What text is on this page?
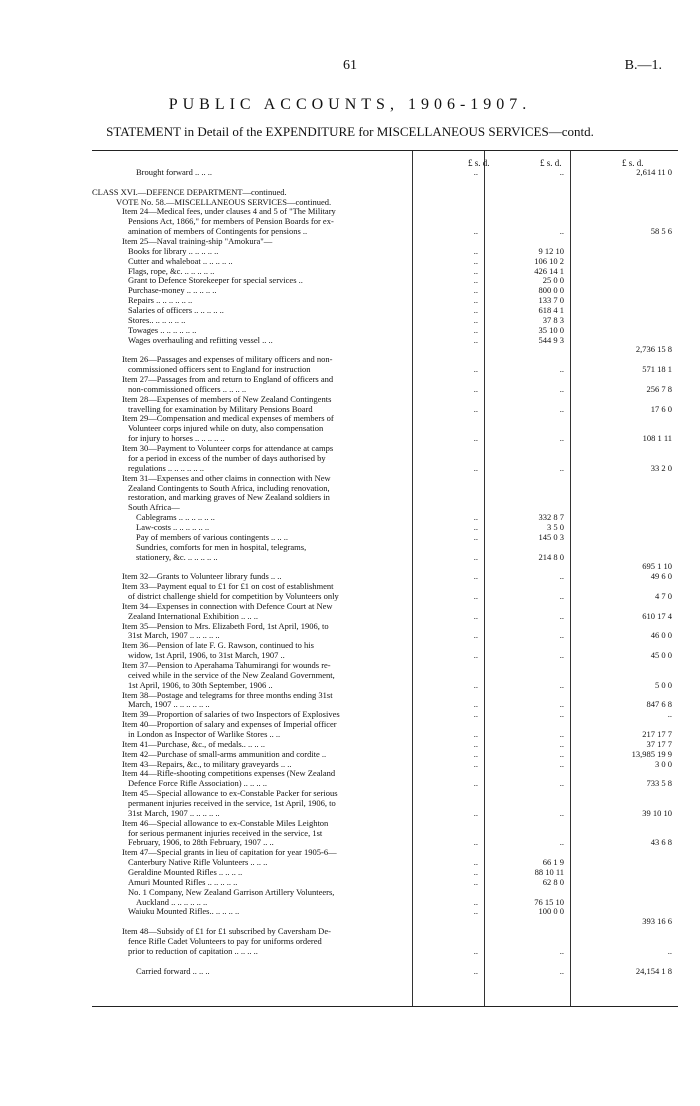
61	B.—1.
PUBLIC ACCOUNTS, 1906-1907.
STATEMENT in Detail of the EXPENDITURE for MISCELLANEOUS SERVICES—contd.
£ s. d.	£ s. d.	£ s. d.
Brought forward .. .. ..	..	..	2,614 11 0

CLASS XVI.—DEFENCE DEPARTMENT—continued.

VOTE No. 58.—MISCELLANEOUS SERVICES—continued.

Item 24—Medical fees, under clauses 4 and 5 of "The Military

Pensions Act, 1866," for members of Pension Boards for ex-

amination of members of Contingents for pensions ..	..	..	58 5 6
Item 25—Naval training-ship "Amokura"—

Books for library .. .. .. .. ..	..	9 12 10

Cutter and whaleboat .. .. .. .. ..	..	106 10 2

Flags, rope, &c. .. .. .. .. ..	..	426 14 1

Grant to Defence Storekeeper for special services ..	..	25 0 0

Purchase-money .. .. .. .. ..	..	800 0 0

Repairs .. .. .. .. .. ..	..	133 7 0

Salaries of officers .. .. .. .. ..	..	618 4 1

Stores.. .. .. .. .. ..	..	37 8 3

Towages .. .. .. .. .. ..	..	35 10 0

Wages overhauling and refitting vessel .. ..	..	544 9 3

2,736 15 8
Item 26—Passages and expenses of military officers and non-

commissioned officers sent to England for instruction	..	..	571 18 1
Item 27—Passages from and return to England of officers and

non-commissioned officers .. .. .. ..	..	..	256 7 8
Item 28—Expenses of members of New Zealand Contingents

travelling for examination by Military Pensions Board	..	..	17 6 0
Item 29—Compensation and medical expenses of members of

Volunteer corps injured while on duty, also compensation

for injury to horses .. .. .. .. ..	..	..	108 1 11
Item 30—Payment to Volunteer corps for attendance at camps

for a period in excess of the number of days authorised by

regulations .. .. .. .. .. ..	..	..	33 2 0
Item 31—Expenses and other claims in connection with New

Zealand Contingents to South Africa, including renovation,

restoration, and marking graves of New Zealand soldiers in

South Africa—

Cablegrams .. .. .. .. .. ..	..	332 8 7

Law-costs .. .. .. .. .. ..	..	3 5 0

Pay of members of various contingents .. .. ..	..	145 0 3

Sundries, comforts for men in hospital, telegrams,

stationery, &c. .. .. .. .. ..	..	214 8 0

695 1 10
Item 32—Grants to Volunteer library funds .. ..	..	..	49 6 0
Item 33—Payment equal to £1 for £1 on cost of establishment

of district challenge shield for competition by Volunteers only	..	..	4 7 0
Item 34—Expenses in connection with Defence Court at New

Zealand International Exhibition .. .. ..	..	..	610 17 4
Item 35—Pension to Mrs. Elizabeth Ford, 1st April, 1906, to

31st March, 1907 .. .. .. .. ..	..	..	46 0 0
Item 36—Pension of late F. G. Rawson, continued to his

widow, 1st April, 1906, to 31st March, 1907 ..	..	..	45 0 0
Item 37—Pension to Aperahama Tahumirangi for wounds re-

ceived while in the service of the New Zealand Government,

1st April, 1906, to 30th September, 1906 ..	..	..	5 0 0
Item 38—Postage and telegrams for three months ending 31st

March, 1907 .. .. .. .. .. ..	..	..	847 6 8
Item 39—Proportion of salaries of two Inspectors of Explosives	..	..	..
Item 40—Proportion of salary and expenses of Imperial officer

in London as Inspector of Warlike Stores .. ..	..	..	217 17 7
Item 41—Purchase, &c., of medals.. .. .. ..	..	..	37 17 7
Item 42—Purchase of small-arms ammunition and cordite ..	..	..	13,985 19 9
Item 43—Repairs, &c., to military graveyards .. ..	..	..	3 0 0
Item 44—Rifle-shooting competitions expenses (New Zealand

Defence Force Rifle Association) .. .. .. ..	..	..	733 5 8
Item 45—Special allowance to ex-Constable Packer for serious

permanent injuries received in the service, 1st April, 1906, to

31st March, 1907 .. .. .. .. ..	..	..	39 10 10
Item 46—Special allowance to ex-Constable Miles Leighton

for serious permanent injuries received in the service, 1st

February, 1906, to 28th February, 1907 .. ..	..	..	43 6 8
Item 47—Special grants in lieu of capitation for year 1905-6—

Canterbury Native Rifle Volunteers .. .. ..	..	66 1 9

Geraldine Mounted Rifles .. .. .. ..	..	88 10 11

Amuri Mounted Rifles .. .. .. .. ..	..	62 8 0

No. 1 Company, New Zealand Garrison Artillery Volunteers,

Auckland .. .. .. .. .. ..	..	76 15 10

Waiuku Mounted Rifles.. .. .. .. ..	..	100 0 0

393 16 6
Item 48—Subsidy of £1 for £1 subscribed by Caversham De-

fence Rifle Cadet Volunteers to pay for uniforms ordered

prior to reduction of capitation .. .. .. ..	..	..	..

Carried forward .. .. ..	..	..	24,154 1 8
